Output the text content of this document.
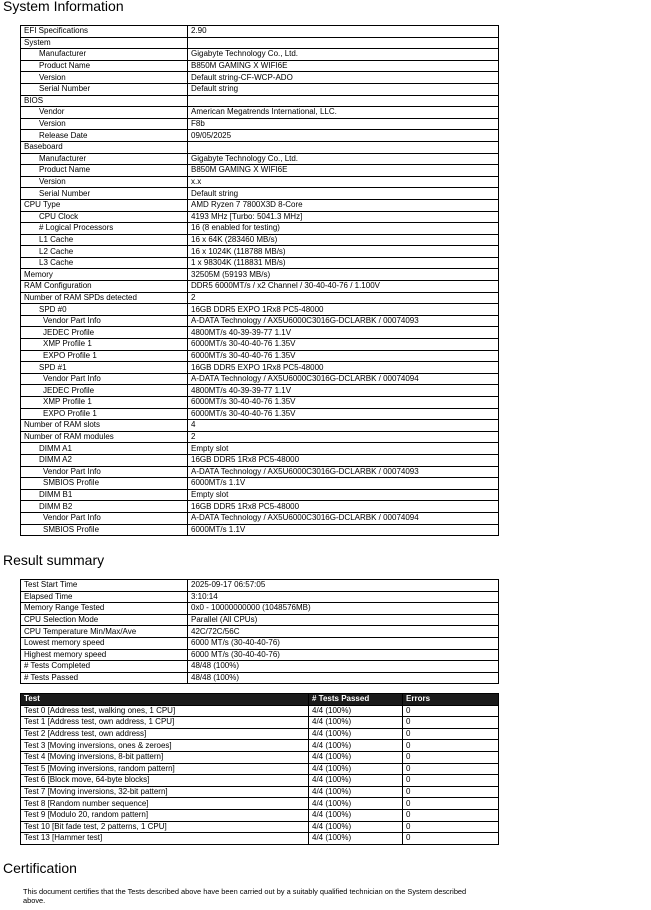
System Information
EFI Specifications	2.90
System	
Manufacturer	Gigabyte Technology Co., Ltd.
Product Name	B850M GAMING X WIFI6E
Version	Default string-CF-WCP-ADO
Serial Number	Default string
BIOS	
Vendor	American Megatrends International, LLC.
Version	F8b
Release Date	09/05/2025
Baseboard	
Manufacturer	Gigabyte Technology Co., Ltd.
Product Name	B850M GAMING X WIFI6E
Version	x.x
Serial Number	Default string
CPU Type	AMD Ryzen 7 7800X3D 8-Core
CPU Clock	4193 MHz [Turbo: 5041.3 MHz]
# Logical Processors	16 (8 enabled for testing)
L1 Cache	16 x 64K (283460 MB/s)
L2 Cache	16 x 1024K (118788 MB/s)
L3 Cache	1 x 98304K (118831 MB/s)
Memory	32505M (59193 MB/s)
RAM Configuration	DDR5 6000MT/s / x2 Channel / 30-40-40-76 / 1.100V
Number of RAM SPDs detected	2
SPD #0	16GB DDR5 EXPO 1Rx8 PC5-48000
Vendor Part Info	A-DATA Technology / AX5U6000C3016G-DCLARBK / 00074093
JEDEC Profile	4800MT/s 40-39-39-77 1.1V
XMP Profile 1	6000MT/s 30-40-40-76 1.35V
EXPO Profile 1	6000MT/s 30-40-40-76 1.35V
SPD #1	16GB DDR5 EXPO 1Rx8 PC5-48000
Vendor Part Info	A-DATA Technology / AX5U6000C3016G-DCLARBK / 00074094
JEDEC Profile	4800MT/s 40-39-39-77 1.1V
XMP Profile 1	6000MT/s 30-40-40-76 1.35V
EXPO Profile 1	6000MT/s 30-40-40-76 1.35V
Number of RAM slots	4
Number of RAM modules	2
DIMM A1	Empty slot
DIMM A2	16GB DDR5 1Rx8 PC5-48000
Vendor Part Info	A-DATA Technology / AX5U6000C3016G-DCLARBK / 00074093
SMBIOS Profile	6000MT/s 1.1V
DIMM B1	Empty slot
DIMM B2	16GB DDR5 1Rx8 PC5-48000
Vendor Part Info	A-DATA Technology / AX5U6000C3016G-DCLARBK / 00074094
SMBIOS Profile	6000MT/s 1.1V
Result summary
Test Start Time	2025-09-17 06:57:05
Elapsed Time	3:10:14
Memory Range Tested	0x0 - 10000000000 (1048576MB)
CPU Selection Mode	Parallel (All CPUs)
CPU Temperature Min/Max/Ave	42C/72C/56C
Lowest memory speed	6000 MT/s (30-40-40-76)
Highest memory speed	6000 MT/s (30-40-40-76)
# Tests Completed	48/48 (100%)
# Tests Passed	48/48 (100%)
Test	# Tests Passed	Errors
Test 0 [Address test, walking ones, 1 CPU]	4/4 (100%)	0
Test 1 [Address test, own address, 1 CPU]	4/4 (100%)	0
Test 2 [Address test, own address]	4/4 (100%)	0
Test 3 [Moving inversions, ones & zeroes]	4/4 (100%)	0
Test 4 [Moving inversions, 8-bit pattern]	4/4 (100%)	0
Test 5 [Moving inversions, random pattern]	4/4 (100%)	0
Test 6 [Block move, 64-byte blocks]	4/4 (100%)	0
Test 7 [Moving inversions, 32-bit pattern]	4/4 (100%)	0
Test 8 [Random number sequence]	4/4 (100%)	0
Test 9 [Modulo 20, random pattern]	4/4 (100%)	0
Test 10 [Bit fade test, 2 patterns, 1 CPU]	4/4 (100%)	0
Test 13 [Hammer test]	4/4 (100%)	0
Certification

This document certifies that the Tests described above have been carried out by a suitably qualified technician on the System described above.
